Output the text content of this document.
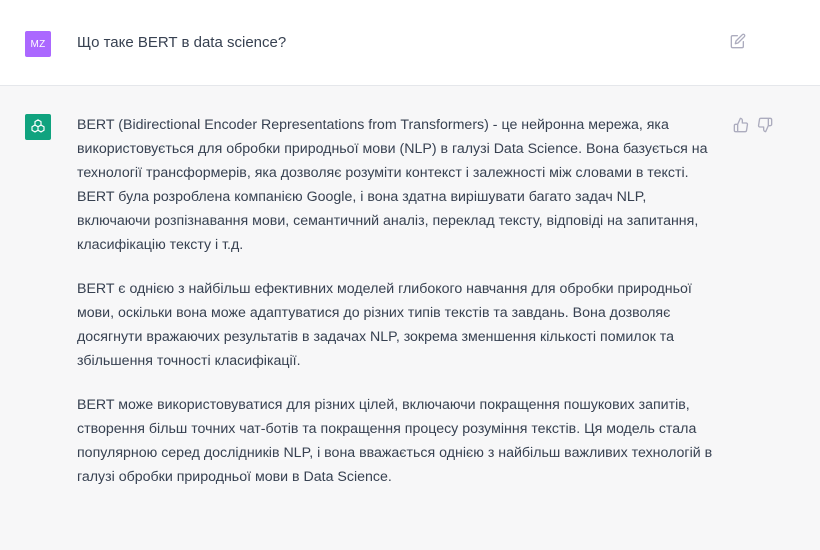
MZ Що таке BERT в data science?

BERT (Bidirectional Encoder Representations from Transformers) - це нейронна мережа, яка використовується для обробки природньої мови (NLP) в галузі Data Science. Вона базується на технології трансформерів, яка дозволяє розуміти контекст і залежності між словами в тексті. BERT була розроблена компанією Google, і вона здатна вирішувати багато задач NLP, включаючи розпізнавання мови, семантичний аналіз, переклад тексту, відповіді на запитання, класифікацію тексту і т.д.

BERT є однією з найбільш ефективних моделей глибокого навчання для обробки природньої мови, оскільки вона може адаптуватися до різних типів текстів та завдань. Вона дозволяє досягнути вражаючих результатів в задачах NLP, зокрема зменшення кількості помилок та збільшення точності класифікації.

BERT може використовуватися для різних цілей, включаючи покращення пошукових запитів, створення більш точних чат-ботів та покращення процесу розуміння текстів. Ця модель стала популярною серед дослідників NLP, і вона вважається однією з найбільш важливих технологій в галузі обробки природньої мови в Data Science.
